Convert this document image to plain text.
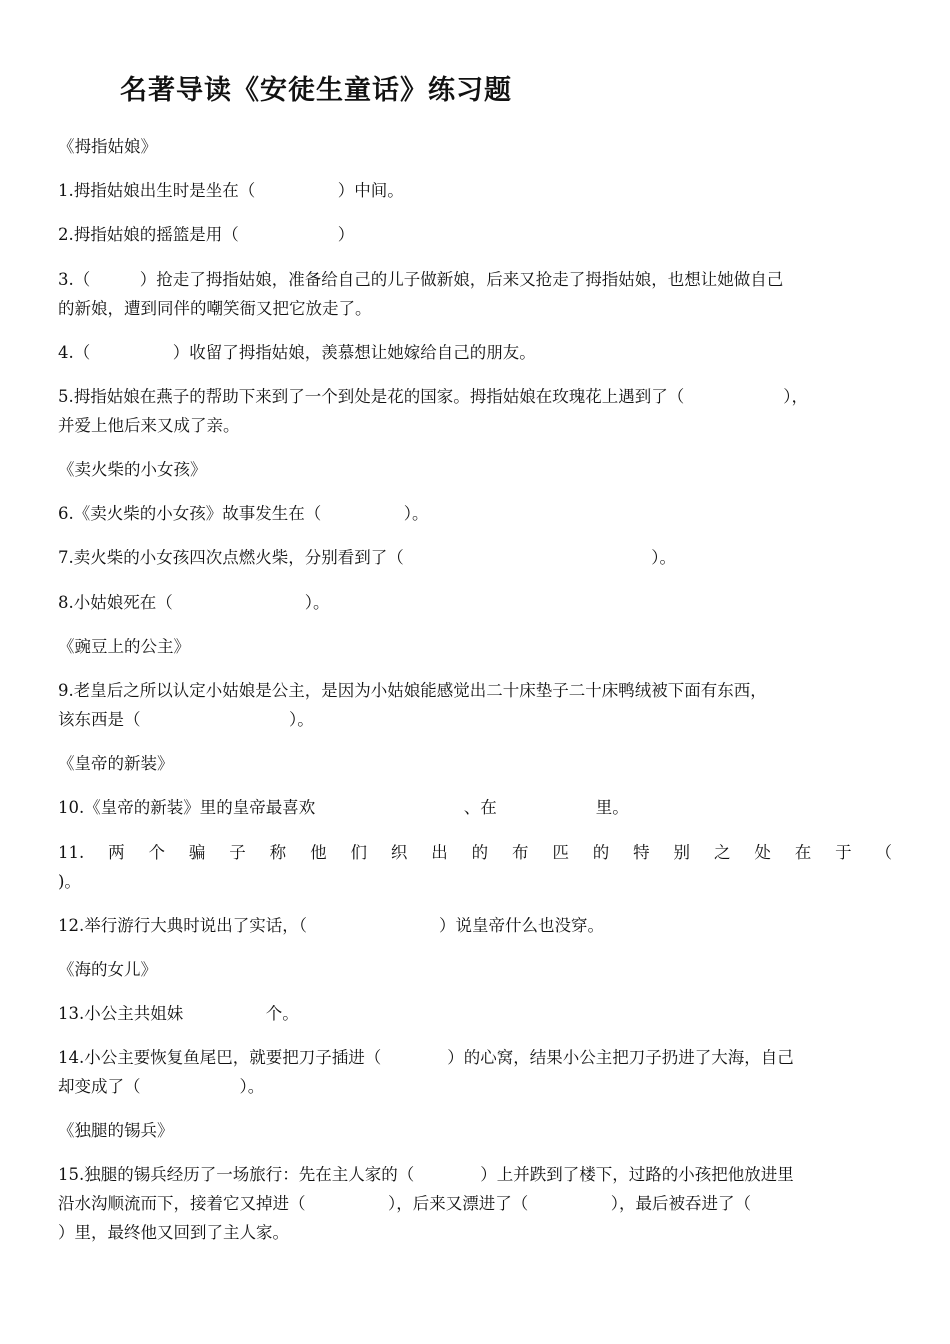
名著导读《安徒生童话》练习题
《拇指姑娘》
1.拇指姑娘出生时是坐在（　　　　　）中间。
2.拇指姑娘的摇篮是用（　　　　　　）
3.（　　　）抢走了拇指姑娘，准备给自己的儿子做新娘，后来又抢走了拇指姑娘，也想让她做自己
的新娘，遭到同伴的嘲笑衙又把它放走了。
4.（　　　　　）收留了拇指姑娘，羡慕想让她嫁给自己的朋友。
5.拇指姑娘在燕子的帮助下来到了一个到处是花的国家。拇指姑娘在玫瑰花上遇到了（　　　　　　），
并爱上他后来又成了亲。
《卖火柴的小女孩》
6.《卖火柴的小女孩》故事发生在（　　　　　）。
7.卖火柴的小女孩四次点燃火柴，分别看到了（　　　　　　　　　　　　　　　）。
8.小姑娘死在（　　　　　　　　）。
《豌豆上的公主》
9.老皇后之所以认定小姑娘是公主，是因为小姑娘能感觉出二十床垫子二十床鸭绒被下面有东西，
该东西是（　　　　　　　　　）。
《皇帝的新装》
10.《皇帝的新装》里的皇帝最喜欢　　　　　　　　　、在　　　　　　里。
11.两个骗子称他们织出的布匹的特别之处在于（
)。
12.举行游行大典时说出了实话，（　　　　　　　　）说皇帝什么也没穿。
《海的女儿》
13.小公主共姐妹　　　　　个。
14.小公主要恢复鱼尾巴，就要把刀子插进（　　　　）的心窝，结果小公主把刀子扔进了大海，自己
却变成了（　　　　　　）。
《独腿的锡兵》
15.独腿的锡兵经历了一场旅行：先在主人家的（　　　　）上并跌到了楼下，过路的小孩把他放进里
沿水沟顺流而下，接着它又掉进（　　　　　），后来又漂进了（　　　　　），最后被吞进了（
）里，最终他又回到了主人家。
